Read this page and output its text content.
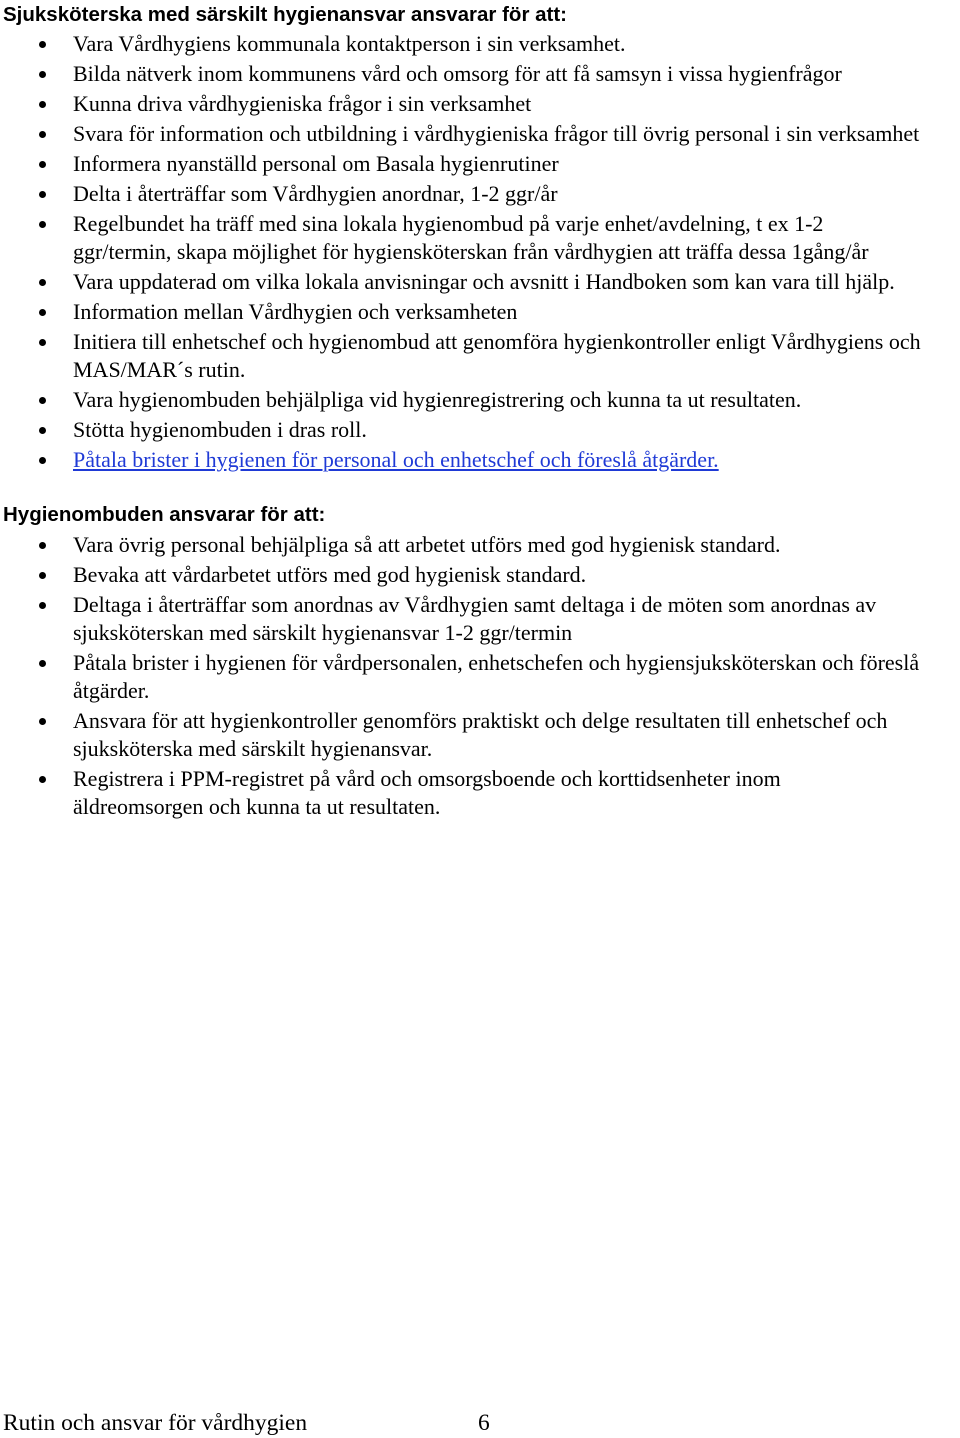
Sjuksköterska med särskilt hygienansvar ansvarar för att:
Vara Vårdhygiens kommunala kontaktperson i sin verksamhet.
Bilda nätverk inom kommunens vård och omsorg för att få samsyn i vissa hygienfrågor
Kunna driva vårdhygieniska frågor i sin verksamhet
Svara för information och utbildning i vårdhygieniska frågor till övrig personal i sin verksamhet
Informera nyanställd personal om Basala hygienrutiner
Delta i återträffar som Vårdhygien anordnar, 1-2 ggr/år
Regelbundet ha träff med sina lokala hygienombud på varje enhet/avdelning, t ex 1-2
ggr/termin, skapa möjlighet för hygiensköterskan från vårdhygien att träffa dessa 1gång/år
Vara uppdaterad om vilka lokala anvisningar och avsnitt i Handboken som kan vara till hjälp.
Information mellan Vårdhygien och verksamheten
Initiera till enhetschef och hygienombud att genomföra hygienkontroller enligt Vårdhygiens och
MAS/MAR´s rutin.
Vara hygienombuden behjälpliga vid hygienregistrering och kunna ta ut resultaten.
Stötta hygienombuden i dras roll.
Påtala brister i hygienen för personal och enhetschef och föreslå åtgärder.
Hygienombuden ansvarar för att:
Vara övrig personal behjälpliga så att arbetet utförs med god hygienisk standard.
Bevaka att vårdarbetet utförs med god hygienisk standard.
Deltaga i återträffar som anordnas av Vårdhygien samt deltaga i de möten som anordnas av
sjuksköterskan med särskilt hygienansvar 1-2 ggr/termin
Påtala brister i hygienen för vårdpersonalen, enhetschefen och hygiensjuksköterskan och föreslå
åtgärder.
Ansvara för att hygienkontroller genomförs praktiskt och delge resultaten till enhetschef och
sjuksköterska med särskilt hygienansvar.
Registrera i PPM-registret på vård och omsorgsboende och korttidsenheter inom
äldreomsorgen och kunna ta ut resultaten.
Rutin och ansvar för vårdhygien	6
